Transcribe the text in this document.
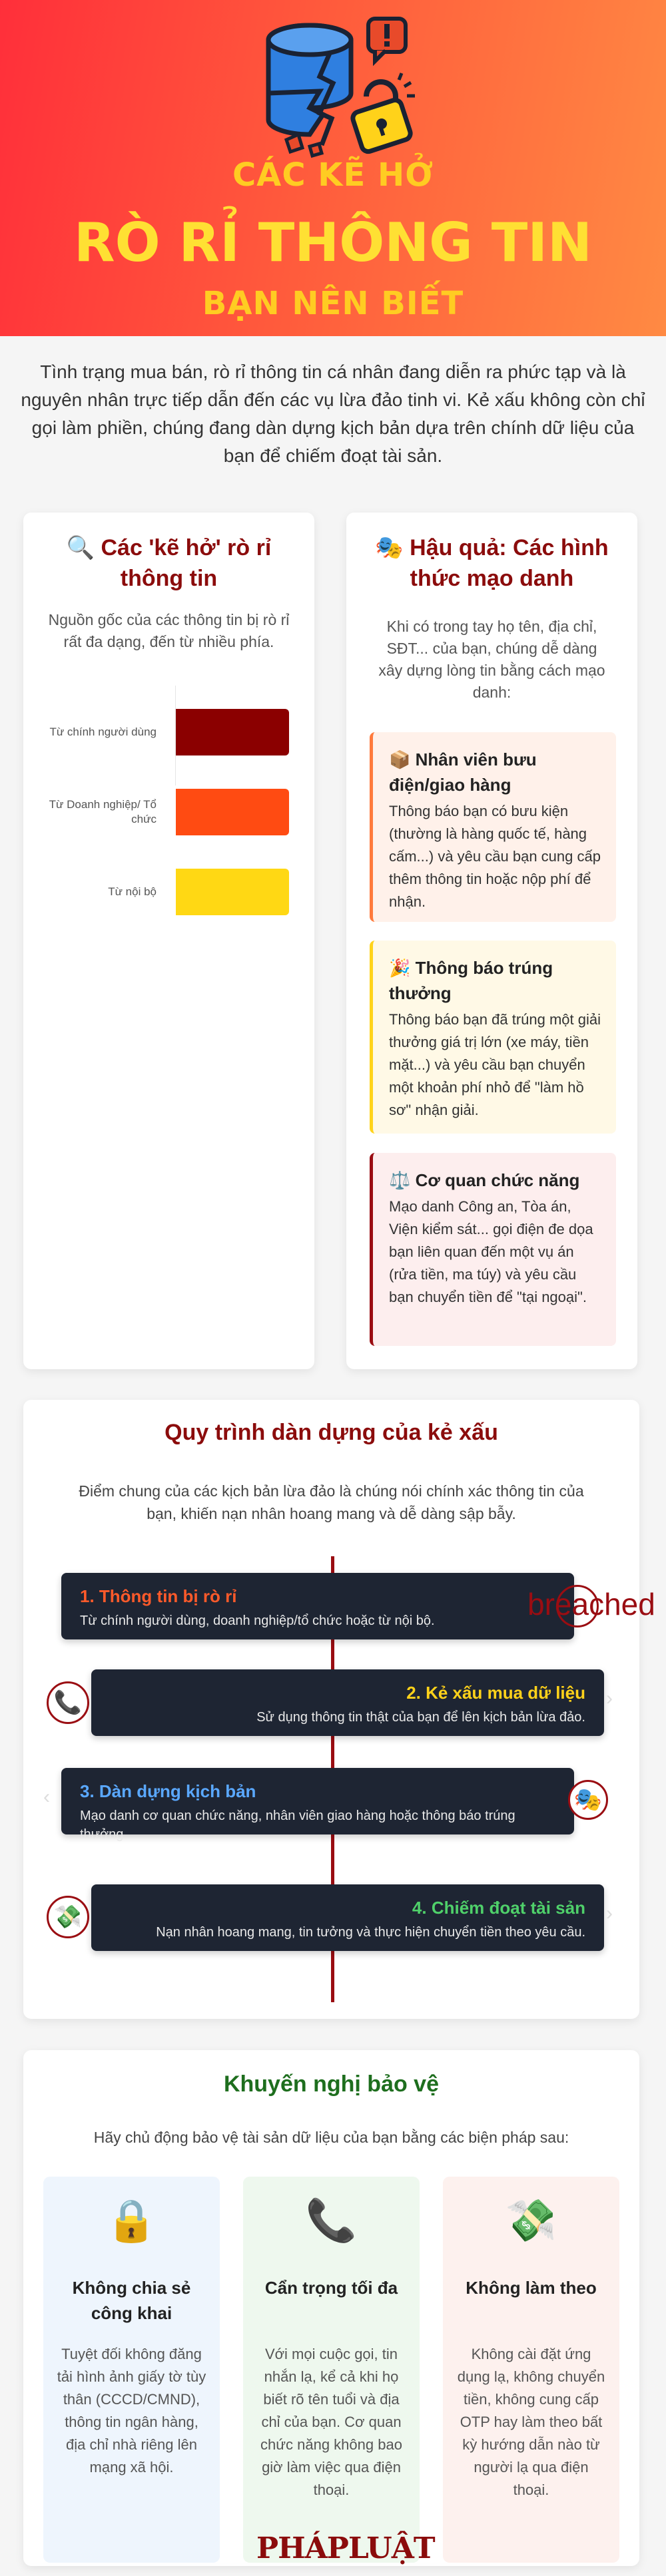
CÁC KẼ HỞ
RÒ RỈ THÔNG TIN
BẠN NÊN BIẾT
Tình trạng mua bán, rò rỉ thông tin cá nhân đang diễn ra phức tạp và là nguyên nhân trực tiếp dẫn đến các vụ lừa đảo tinh vi. Kẻ xấu không còn chỉ gọi làm phiền, chúng đang dàn dựng kịch bản dựa trên chính dữ liệu của bạn để chiếm đoạt tài sản.
🔍 Các 'kẽ hở' rò rỉ thông tin
Nguồn gốc của các thông tin bị rò rỉ rất đa dạng, đến từ nhiều phía.
Từ chính người dùng
Từ Doanh nghiệp/ Tổ chức
Từ nội bộ
🎭 Hậu quả: Các hình thức mạo danh
Khi có trong tay họ tên, địa chỉ, SĐT... của bạn, chúng dễ dàng xây dựng lòng tin bằng cách mạo danh:
📦 Nhân viên bưu điện/giao hàng
Thông báo bạn có bưu kiện (thường là hàng quốc tế, hàng cấm...) và yêu cầu bạn cung cấp thêm thông tin hoặc nộp phí để nhận.
🎉 Thông báo trúng thưởng
Thông báo bạn đã trúng một giải thưởng giá trị lớn (xe máy, tiền mặt...) và yêu cầu bạn chuyển một khoản phí nhỏ để "làm hồ sơ" nhận giải.
⚖️ Cơ quan chức năng
Mạo danh Công an, Tòa án, Viện kiểm sát... gọi điện đe dọa bạn liên quan đến một vụ án (rửa tiền, ma túy) và yêu cầu bạn chuyển tiền để "tại ngoại".
Quy trình dàn dựng của kẻ xấu
Điểm chung của các kịch bản lừa đảo là chúng nói chính xác thông tin của bạn, khiến nạn nhân hoang mang và dễ dàng sập bẫy.
1. Thông tin bị rò rỉ
Từ chính người dùng, doanh nghiệp/tổ chức hoặc từ nội bộ.	breached
2. Kẻ xấu mua dữ liệu
Sử dụng thông tin thật của bạn để lên kịch bản lừa đảo.
📞	›
3. Dàn dựng kịch bản
Mạo danh cơ quan chức năng, nhân viên giao hàng hoặc thông báo trúng thưởng.
🎭
‹
4. Chiếm đoạt tài sản
Nạn nhân hoang mang, tin tưởng và thực hiện chuyển tiền theo yêu cầu.
💸	›
Khuyến nghị bảo vệ
Hãy chủ động bảo vệ tài sản dữ liệu của bạn bằng các biện pháp sau:
🔒
Không chia sẻ công khai
Tuyệt đối không đăng tải hình ảnh giấy tờ tùy thân (CCCD/CMND), thông tin ngân hàng, địa chỉ nhà riêng lên mạng xã hội.
📞
Cẩn trọng tối đa
Với mọi cuộc gọi, tin nhắn lạ, kể cả khi họ biết rõ tên tuổi và địa chỉ của bạn. Cơ quan chức năng không bao giờ làm việc qua điện thoại.
💸
Không làm theo
Không cài đặt ứng dụng lạ, không chuyển tiền, không cung cấp OTP hay làm theo bất kỳ hướng dẫn nào từ người lạ qua điện thoại.
PHÁPLUẬT
